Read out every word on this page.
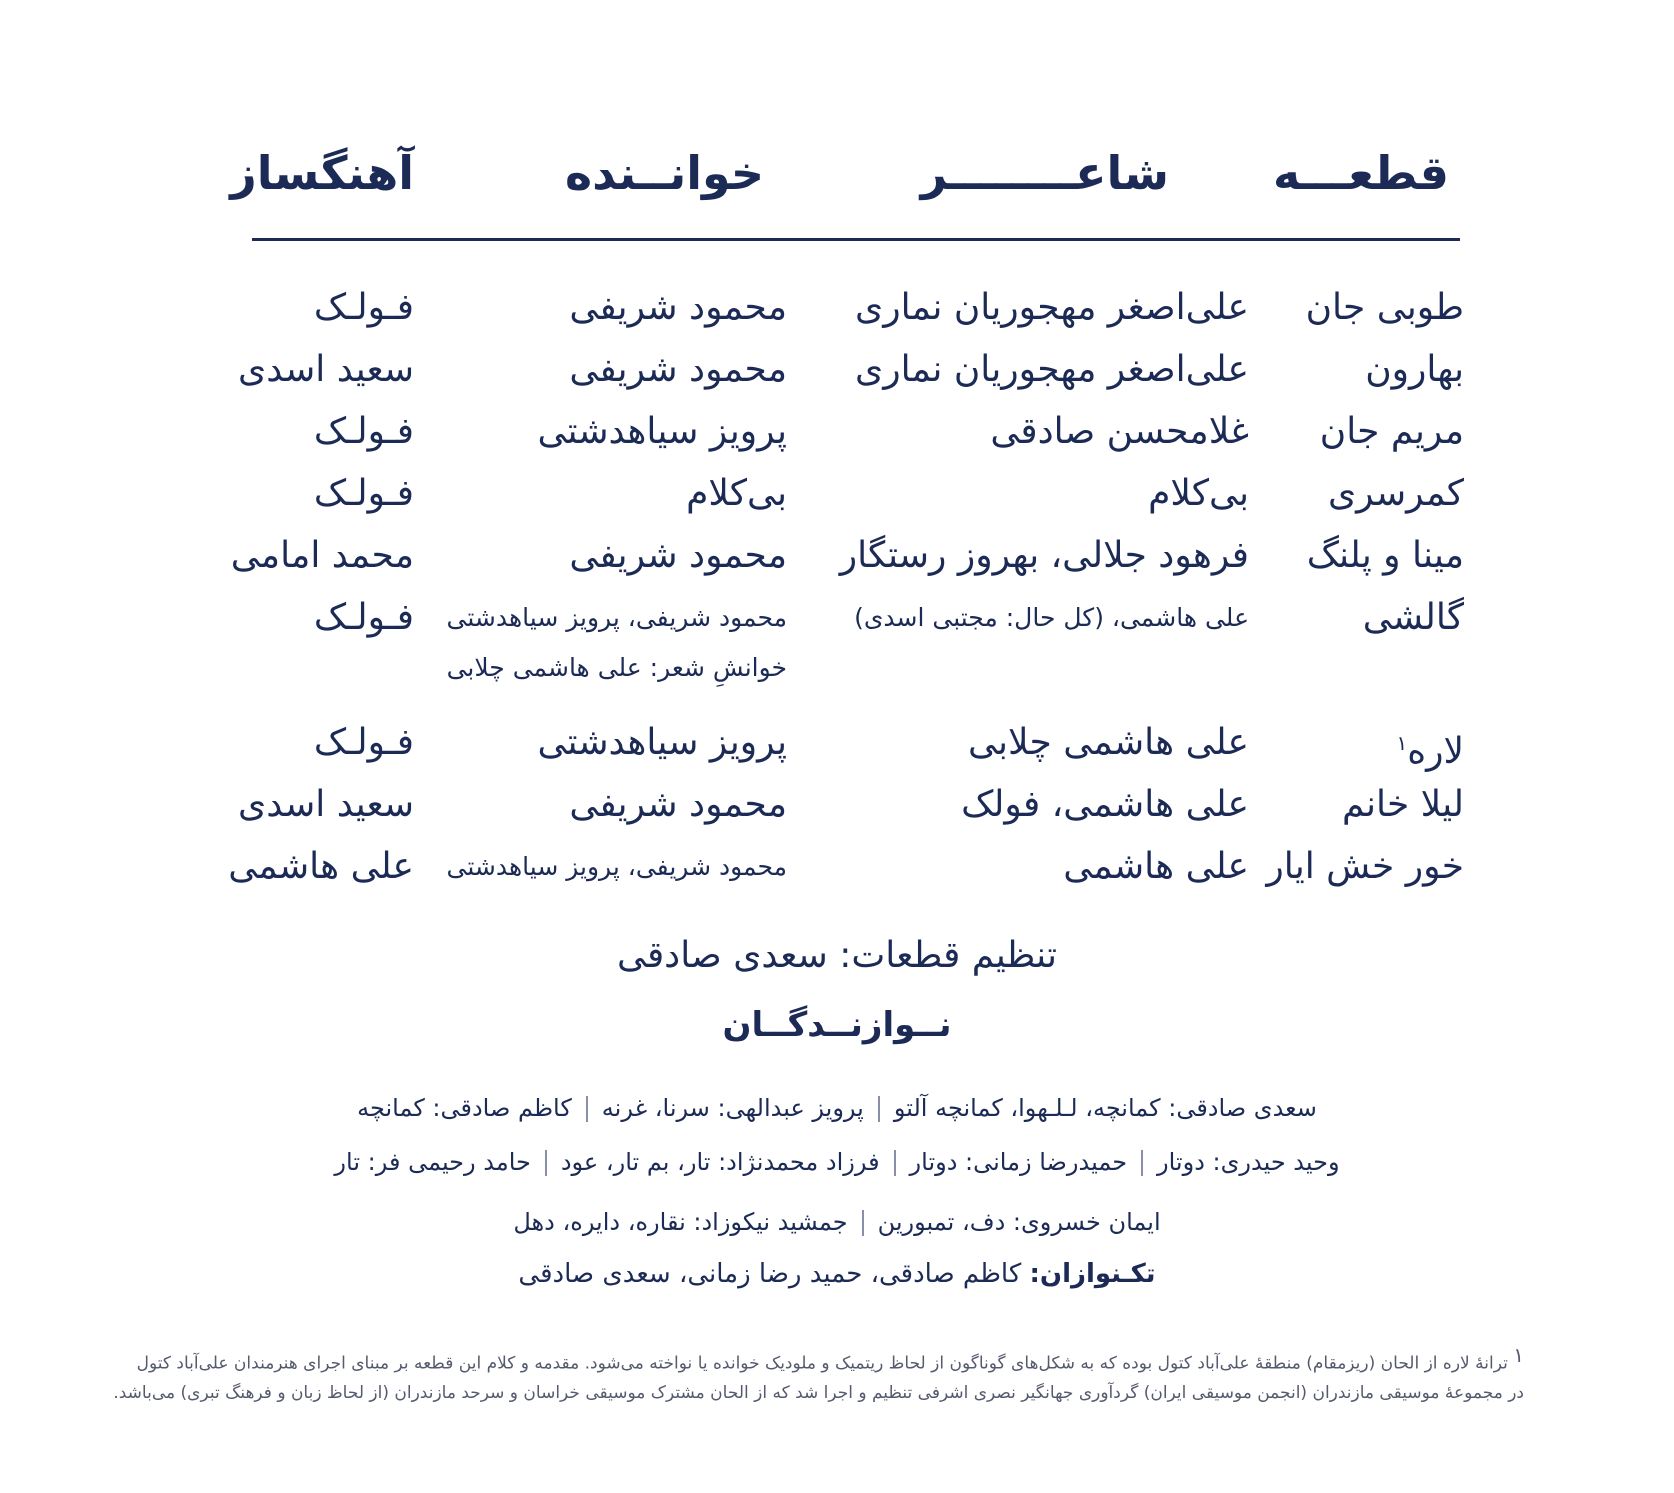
قطعـــه
شاعــــــــر
خوانــنده
آهنگساز
طوبی جان
علی‌اصغر مهجوریان نماری
محمود شریفی
فـولـک
بهارون
علی‌اصغر مهجوریان نماری
محمود شریفی
سعید اسدی
مریم جان
غلامحسن صادقی
پرویز سیاهدشتی
فـولـک
کمرسری
بی‌کلام
بی‌کلام
فـولـک
مینا و پلنگ
فرهود جلالی، بهروز رستگار
محمود شریفی
محمد امامی
گالشی
علی هاشمی، (کل حال: مجتبی اسدی)
محمود شریفی، پرویز سیاهدشتی
خوانشِ شعر: علی هاشمی چلابی
فـولـک
لاره$^۱$
علی هاشمی چلابی
پرویز سیاهدشتی
فـولـک
لیلا خانم
علی هاشمی، فولک
محمود شریفی
سعید اسدی
خور خش ایار
علی هاشمی
محمود شریفی، پرویز سیاهدشتی
علی هاشمی
تنظیم قطعات: سعدی صادقی
نــوازنــدگــان
سعدی صادقی: کمانچه، لـلـهوا، کمانچه آلتوپرویز عبدالهی: سرنا، غرنهکاظم صادقی: کمانچه
وحید حیدری: دوتارحمیدرضا زمانی: دوتارفرزاد محمدنژاد: تار، بم تار، عودحامد رحیمی فر: تار
ایمان خسروی: دف، تمبورینجمشید نیکوزاد: نقاره، دایره، دهل
تکـنوازان: کاظم صادقی، حمید رضا زمانی، سعدی صادقی
$^۱$ ترانهٔ لاره از الحان (ریزمقام) منطقهٔ علی‌آباد کتول بوده که به شکل‌های گوناگون از لحاظ ریتمیک و ملودیک خوانده یا نواخته می‌شود. مقدمه و کلام این قطعه بر مبنای اجرای هنرمندان علی‌آباد کتول
در مجموعهٔ موسیقی مازندران (انجمن موسیقی ایران) گردآوری جهانگیر نصری اشرفی تنظیم و اجرا شد که از الحان مشترک موسیقی خراسان و سرحد مازندران (از لحاظ زبان و فرهنگ تبری) می‌باشد.
